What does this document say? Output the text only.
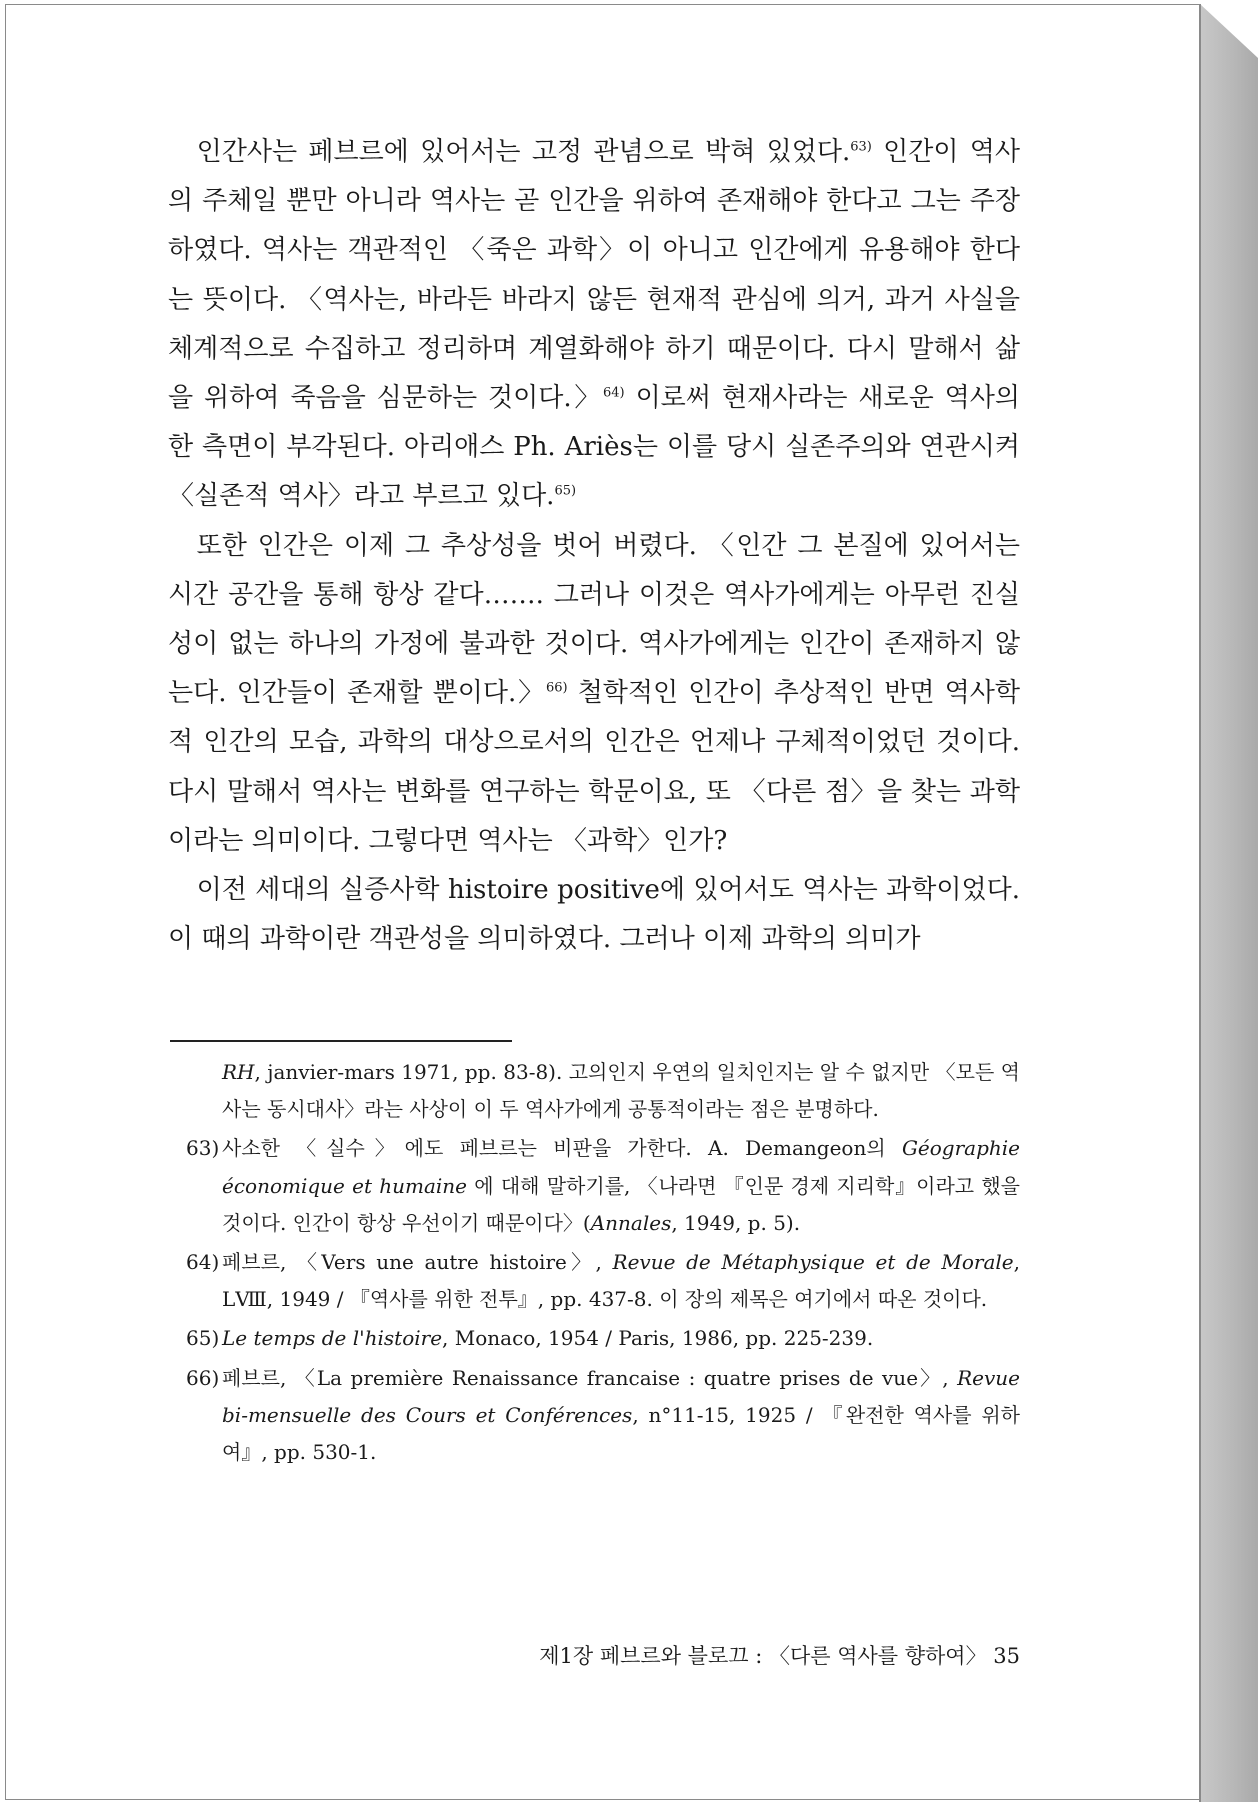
인간사는 페브르에 있어서는 고정 관념으로 박혀 있었다.$^{63)}$ 인간이 역사의 주체일 뿐만 아니라 역사는 곧 인간을 위하여 존재해야 한다고 그는 주장하였다. 역사는 객관적인 〈죽은 과학〉이 아니고 인간에게 유용해야 한다는 뜻이다. 〈역사는, 바라든 바라지 않든 현재적 관심에 의거, 과거 사실을 체계적으로 수집하고 정리하며 계열화해야 하기 때문이다. 다시 말해서 삶을 위하여 죽음을 심문하는 것이다.〉$^{64)}$ 이로써 현재사라는 새로운 역사의 한 측면이 부각된다. 아리애스 Ph. Ariès는 이를 당시 실존주의와 연관시켜 〈실존적 역사〉라고 부르고 있다.$^{65)}$

또한 인간은 이제 그 추상성을 벗어 버렸다. 〈인간 그 본질에 있어서는 시간 공간을 통해 항상 같다……. 그러나 이것은 역사가에게는 아무런 진실성이 없는 하나의 가정에 불과한 것이다. 역사가에게는 인간이 존재하지 않는다. 인간들이 존재할 뿐이다.〉$^{66)}$ 철학적인 인간이 추상적인 반면 역사학적 인간의 모습, 과학의 대상으로서의 인간은 언제나 구체적이었던 것이다. 다시 말해서 역사는 변화를 연구하는 학문이요, 또 〈다른 점〉을 찾는 과학이라는 의미이다. 그렇다면 역사는 〈과학〉인가?

이전 세대의 실증사학 histoire positive에 있어서도 역사는 과학이었다. 이 때의 과학이란 객관성을 의미하였다. 그러나 이제 과학의 의미가

RH, janvier-mars 1971, pp. 83-8). 고의인지 우연의 일치인지는 알 수 없지만 〈모든 역사는 동시대사〉라는 사상이 이 두 역사가에게 공통적이라는 점은 분명하다.

63) 사소한 〈실수〉에도 페브르는 비판을 가한다. A. Demangeon의 Géographie économique et humaine 에 대해 말하기를, 〈나라면 『인문 경제 지리학』이라고 했을 것이다. 인간이 항상 우선이기 때문이다〉(Annales, 1949, p. 5).

64) 페브르, 〈Vers une autre histoire〉, Revue de Métaphysique et de Morale, LⅧ, 1949 / 『역사를 위한 전투』, pp. 437-8. 이 장의 제목은 여기에서 따온 것이다.

65) Le temps de l'histoire, Monaco, 1954 / Paris, 1986, pp. 225-239.

66) 페브르, 〈La première Renaissance francaise : quatre prises de vue〉, Revue bi-mensuelle des Cours et Conférences, n°11-15, 1925 / 『완전한 역사를 위하여』, pp. 530-1.

제1장 페브르와 블로끄 : 〈다른 역사를 향하여〉 35
